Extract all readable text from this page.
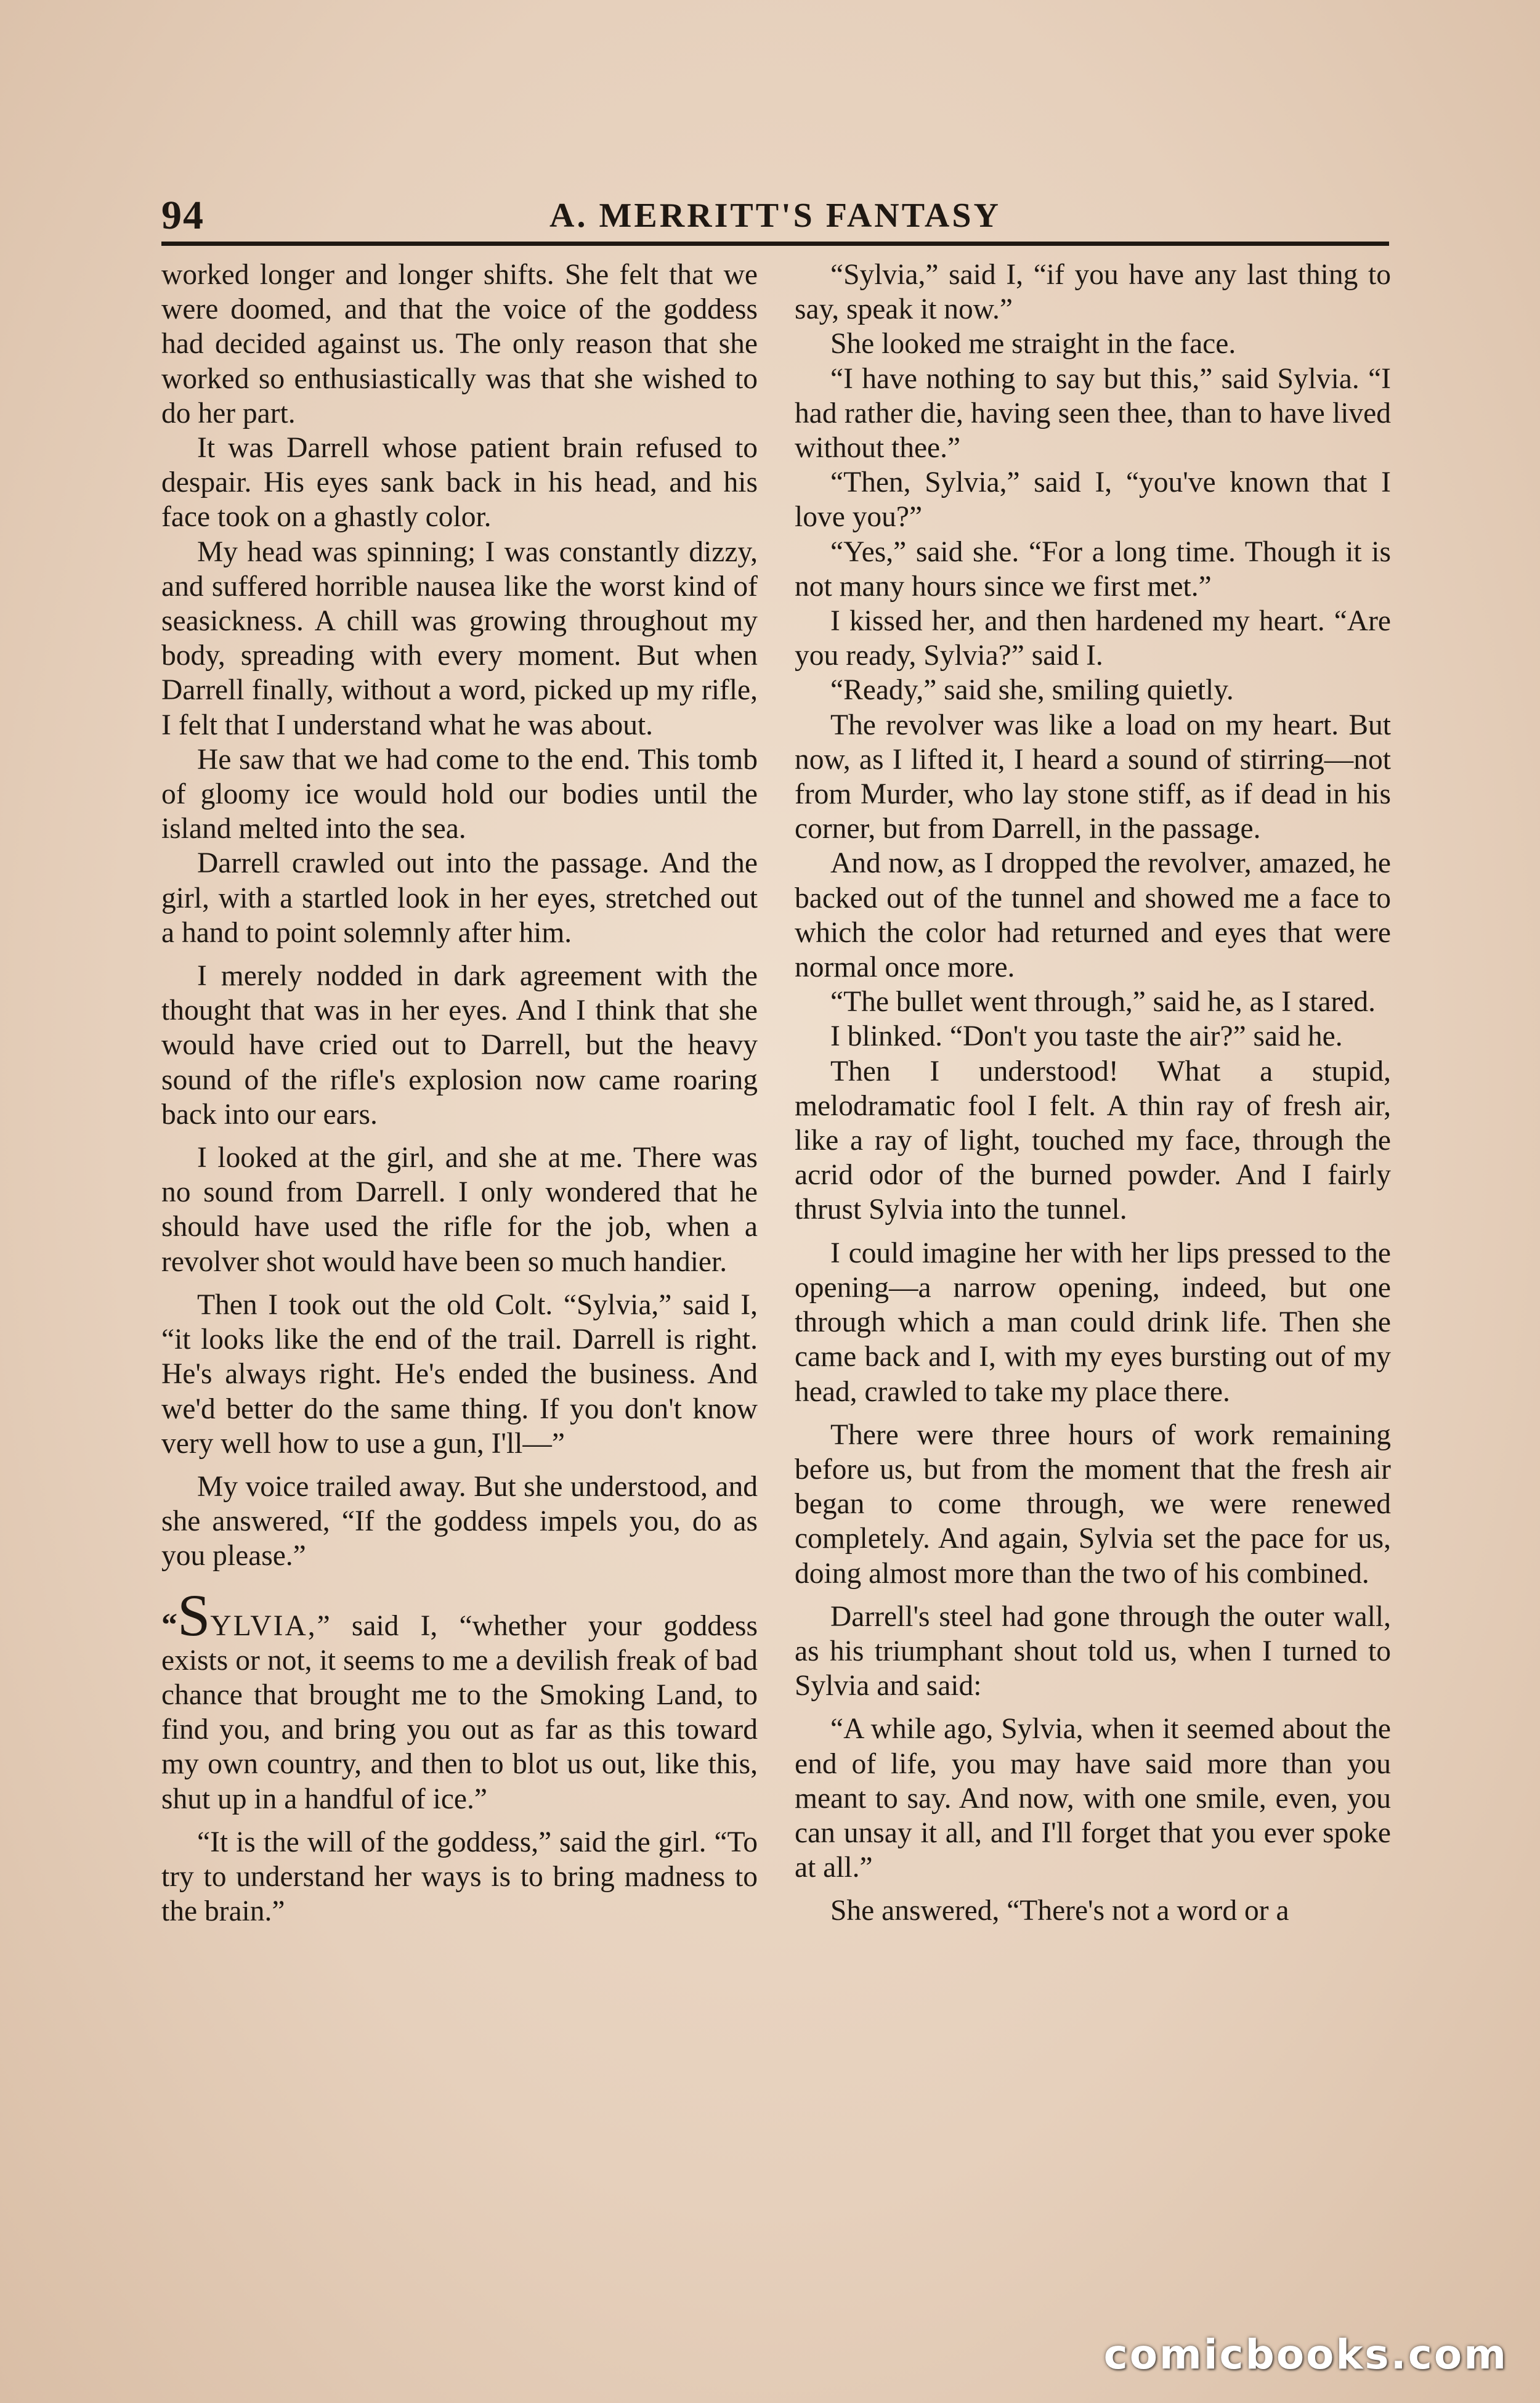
94	A. MERRITT'S FANTASY

worked longer and longer shifts. She felt that we were doomed, and that the voice of the goddess had decided against us. The only reason that she worked so enthusiastically was that she wished to do her part.

It was Darrell whose patient brain refused to despair. His eyes sank back in his head, and his face took on a ghastly color.

My head was spinning; I was constantly dizzy, and suffered horrible nausea like the worst kind of seasickness. A chill was growing throughout my body, spreading with every moment. But when Darrell finally, without a word, picked up my rifle, I felt that I understand what he was about.

He saw that we had come to the end. This tomb of gloomy ice would hold our bodies until the island melted into the sea.

Darrell crawled out into the passage. And the girl, with a startled look in her eyes, stretched out a hand to point solemnly after him.

I merely nodded in dark agreement with the thought that was in her eyes. And I think that she would have cried out to Darrell, but the heavy sound of the rifle's explosion now came roaring back into our ears.

I looked at the girl, and she at me. There was no sound from Darrell. I only wondered that he should have used the rifle for the job, when a revolver shot would have been so much handier.

Then I took out the old Colt. “Sylvia,” said I, “it looks like the end of the trail. Darrell is right. He's always right. He's ended the business. And we'd better do the same thing. If you don't know very well how to use a gun, I'll—”

My voice trailed away. But she understood, and she answered, “If the goddess impels you, do as you please.”

“SYLVIA,” said I, “whether your goddess exists or not, it seems to me a devilish freak of bad chance that brought me to the Smoking Land, to find you, and bring you out as far as this toward my own country, and then to blot us out, like this, shut up in a handful of ice.”

“It is the will of the goddess,” said the girl. “To try to understand her ways is to bring madness to the brain.”

“Sylvia,” said I, “if you have any last thing to say, speak it now.”

She looked me straight in the face.

“I have nothing to say but this,” said Sylvia. “I had rather die, having seen thee, than to have lived without thee.”

“Then, Sylvia,” said I, “you've known that I love you?”

“Yes,” said she. “For a long time. Though it is not many hours since we first met.”

I kissed her, and then hardened my heart. “Are you ready, Sylvia?” said I.

“Ready,” said she, smiling quietly.

The revolver was like a load on my heart. But now, as I lifted it, I heard a sound of stirring—not from Murder, who lay stone stiff, as if dead in his corner, but from Darrell, in the passage.

And now, as I dropped the revolver, amazed, he backed out of the tunnel and showed me a face to which the color had returned and eyes that were normal once more.

“The bullet went through,” said he, as I stared.

I blinked. “Don't you taste the air?” said he.

Then I understood! What a stupid, melodramatic fool I felt. A thin ray of fresh air, like a ray of light, touched my face, through the acrid odor of the burned powder. And I fairly thrust Sylvia into the tunnel.

I could imagine her with her lips pressed to the opening—a narrow opening, indeed, but one through which a man could drink life. Then she came back and I, with my eyes bursting out of my head, crawled to take my place there.

There were three hours of work remaining before us, but from the moment that the fresh air began to come through, we were renewed completely. And again, Sylvia set the pace for us, doing almost more than the two of his combined.

Darrell's steel had gone through the outer wall, as his triumphant shout told us, when I turned to Sylvia and said:

“A while ago, Sylvia, when it seemed about the end of life, you may have said more than you meant to say. And now, with one smile, even, you can unsay it all, and I'll forget that you ever spoke at all.”

She answered, “There's not a word or a

comicbooks.com
